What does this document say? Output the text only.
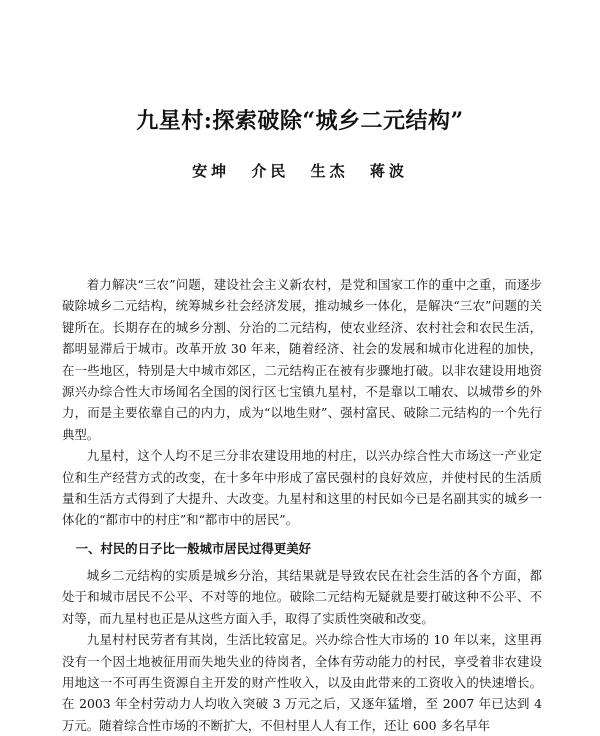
九星村:探索破除“城乡二元结构”
安坤 介民 生杰 蒋波

着力解决“三农”问题，建设社会主义新农村，是党和国家工作的重中之重，而逐步破除城乡二元结构，统筹城乡社会经济发展，推动城乡一体化，是解决“三农”问题的关键所在。长期存在的城乡分割、分治的二元结构，使农业经济、农村社会和农民生活，都明显滞后于城市。改革开放 30 年来，随着经济、社会的发展和城市化进程的加快，在一些地区，特别是大中城市郊区，二元结构正在被有步骤地打破。以非农建设用地资源兴办综合性大市场闻名全国的闵行区七宝镇九星村，不是靠以工哺农、以城带乡的外力，而是主要依靠自己的内力，成为“以地生财”、强村富民、破除二元结构的一个先行典型。

九星村，这个人均不足三分非农建设用地的村庄，以兴办综合性大市场这一产业定位和生产经营方式的改变，在十多年中形成了富民强村的良好效应，并使村民的生活质量和生活方式得到了大提升、大改变。九星村和这里的村民如今已是名副其实的城乡一体化的“都市中的村庄”和“都市中的居民”。

一、村民的日子比一般城市居民过得更美好

城乡二元结构的实质是城乡分治，其结果就是导致农民在社会生活的各个方面，都处于和城市居民不公平、不对等的地位。破除二元结构无疑就是要打破这种不公平、不对等，而九星村也正是从这些方面入手，取得了实质性突破和改变。

九星村村民劳者有其岗，生活比较富足。兴办综合性大市场的 10 年以来，这里再没有一个因土地被征用而失地失业的待岗者，全体有劳动能力的村民，享受着非农建设用地这一不可再生资源自主开发的财产性收入，以及由此带来的工资收入的快速增长。在 2003 年全村劳动力人均收入突破 3 万元之后，又逐年猛增，至 2007 年已达到 4 万元。随着综合性市场的不断扩大，不但村里人人有工作，还让 600 多名早年
